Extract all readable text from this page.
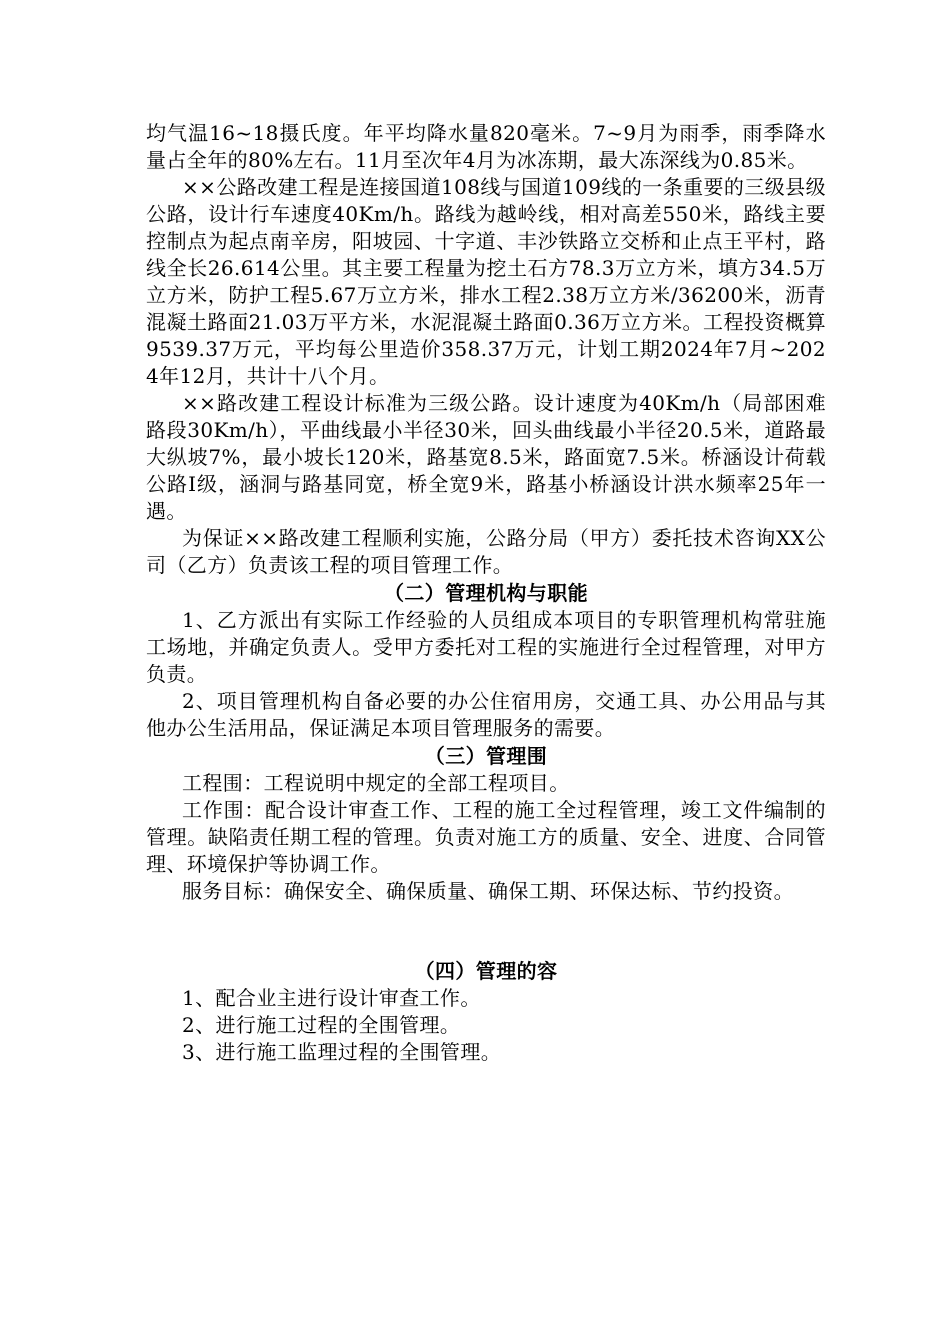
均气温16~18摄氏度。年平均降水量820毫米。7~9月为雨季，雨季降水量占全年的80%左右。11月至次年4月为冰冻期，最大冻深线为0.85米。

××公路改建工程是连接国道108线与国道109线的一条重要的三级县级公路，设计行车速度40Km/h。路线为越岭线，相对高差550米，路线主要控制点为起点南辛房，阳坡园、十字道、丰沙铁路立交桥和止点王平村，路线全长26.614公里。其主要工程量为挖土石方78.3万立方米，填方34.5万立方米，防护工程5.67万立方米，排水工程2.38万立方米/36200米，沥青混凝土路面21.03万平方米，水泥混凝土路面0.36万立方米。工程投资概算9539.37万元，平均每公里造价358.37万元，计划工期2024年7月~2024年12月，共计十八个月。

××路改建工程设计标准为三级公路。设计速度为40Km/h（局部困难路段30Km/h），平曲线最小半径30米，回头曲线最小半径20.5米，道路最大纵坡7%，最小坡长120米，路基宽8.5米，路面宽7.5米。桥涵设计荷载公路Ⅰ级，涵洞与路基同宽，桥全宽9米，路基小桥涵设计洪水频率25年一遇。

为保证××路改建工程顺利实施，公路分局（甲方）委托技术咨询XX公司（乙方）负责该工程的项目管理工作。

（二）管理机构与职能

1、乙方派出有实际工作经验的人员组成本项目的专职管理机构常驻施工场地，并确定负责人。受甲方委托对工程的实施进行全过程管理，对甲方负责。

2、项目管理机构自备必要的办公住宿用房，交通工具、办公用品与其他办公生活用品，保证满足本项目管理服务的需要。

（三）管理围

工程围：工程说明中规定的全部工程项目。

工作围：配合设计审查工作、工程的施工全过程管理，竣工文件编制的管理。缺陷责任期工程的管理。负责对施工方的质量、安全、进度、合同管理、环境保护等协调工作。

服务目标：确保安全、确保质量、确保工期、环保达标、节约投资。

（四）管理的容

1、配合业主进行设计审查工作。

2、进行施工过程的全围管理。

3、进行施工监理过程的全围管理。
